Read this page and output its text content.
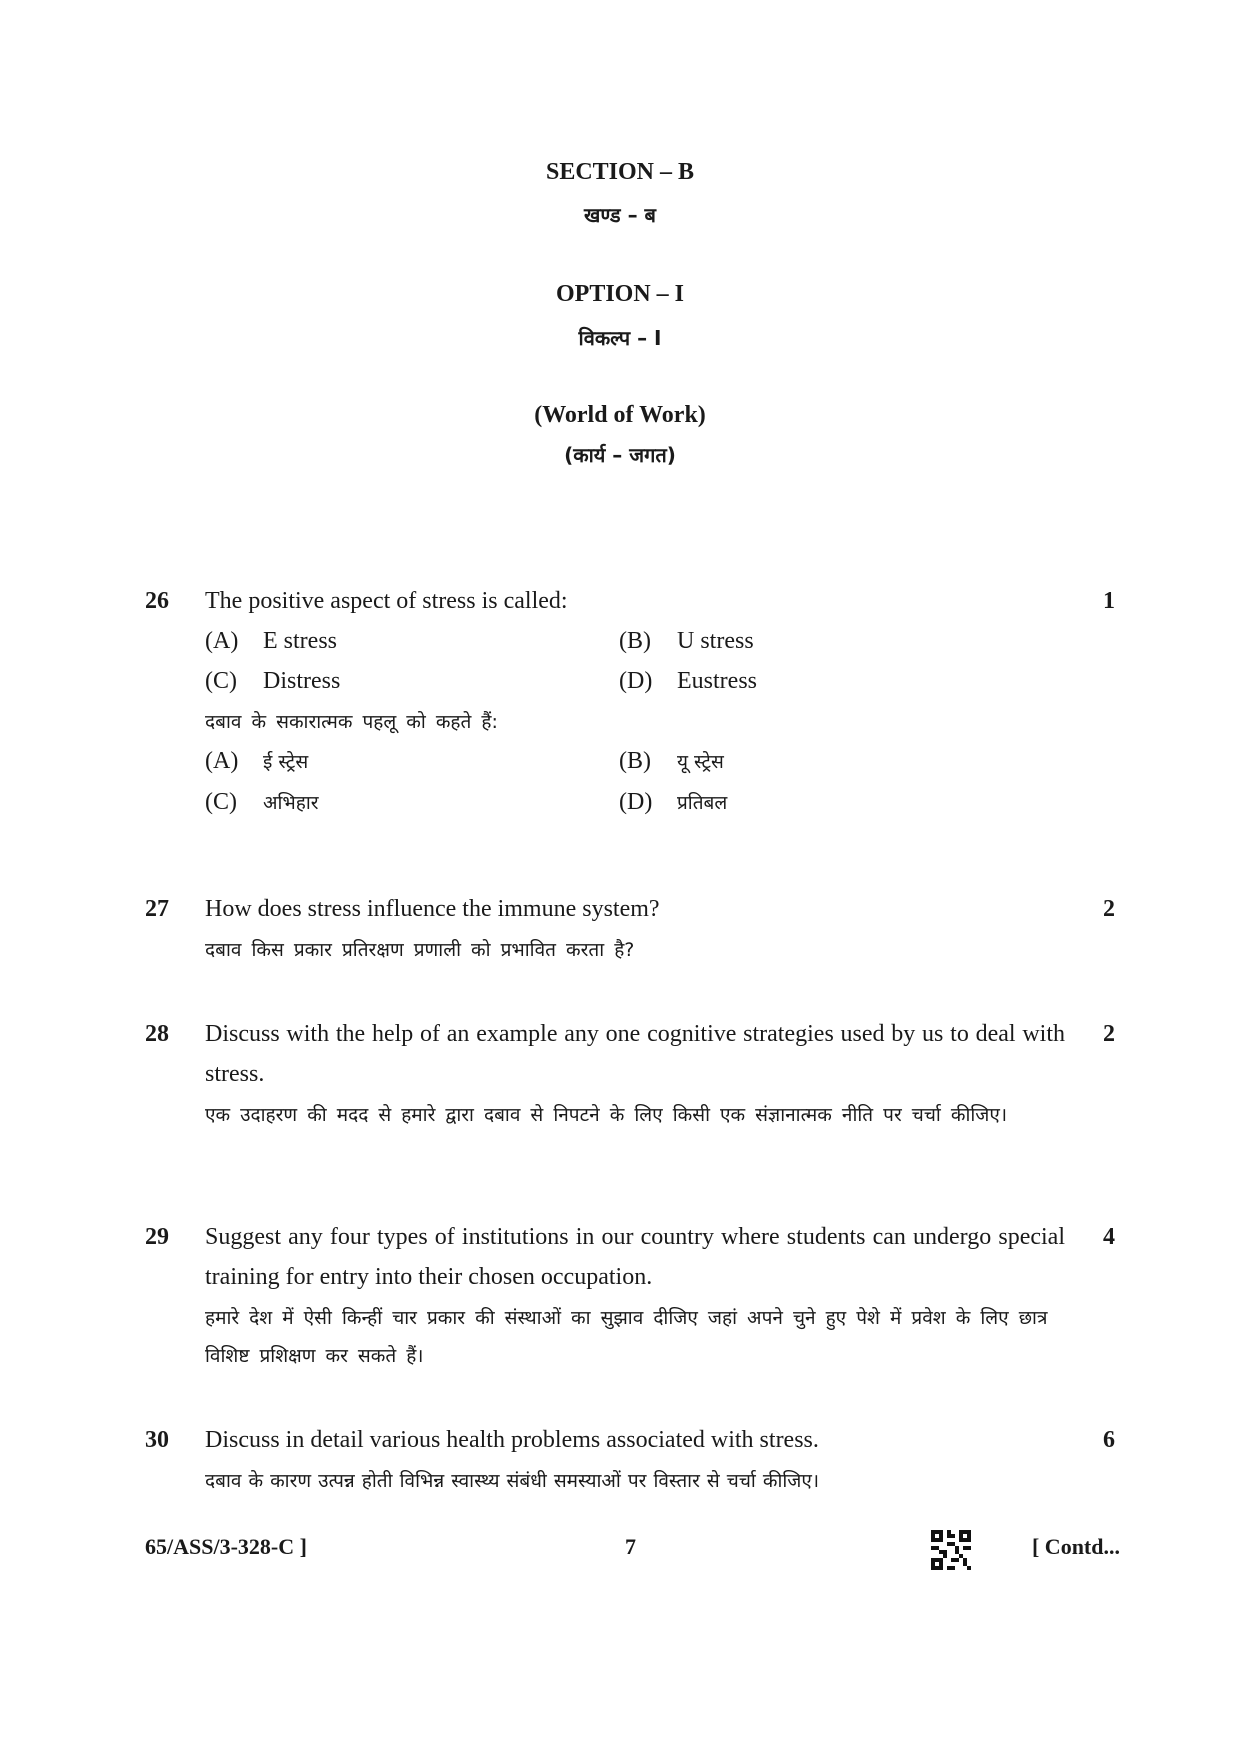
SECTION – B
खण्ड – ब
OPTION – I
विकल्प – I
(World of Work)
(कार्य – जगत)
26	1
The positive aspect of stress is called:
(A) E stress	(B) U stress
(C) Distress	(D) Eustress
दबाव के सकारात्मक पहलू को कहते हैं:
(A) ई स्ट्रेस	(B) यू स्ट्रेस
(C) अभिहार	(D) प्रतिबल
27	2
How does stress influence the immune system?
दबाव किस प्रकार प्रतिरक्षण प्रणाली को प्रभावित करता है?
28	2
Discuss with the help of an example any one cognitive strategies used by us to deal with stress.
एक उदाहरण की मदद से हमारे द्वारा दबाव से निपटने के लिए किसी एक संज्ञानात्मक नीति पर चर्चा कीजिए।
29	4
Suggest any four types of institutions in our country where students can undergo special training for entry into their chosen occupation.
हमारे देश में ऐसी किन्हीं चार प्रकार की संस्थाओं का सुझाव दीजिए जहां अपने चुने हुए पेशे में प्रवेश के लिए छात्र विशिष्ट प्रशिक्षण कर सकते हैं।
30	6
Discuss in detail various health problems associated with stress.
दबाव के कारण उत्पन्न होती विभिन्न स्वास्थ्य संबंधी समस्याओं पर विस्तार से चर्चा कीजिए।
65/ASS/3-328-C ]	7	[ Contd...
